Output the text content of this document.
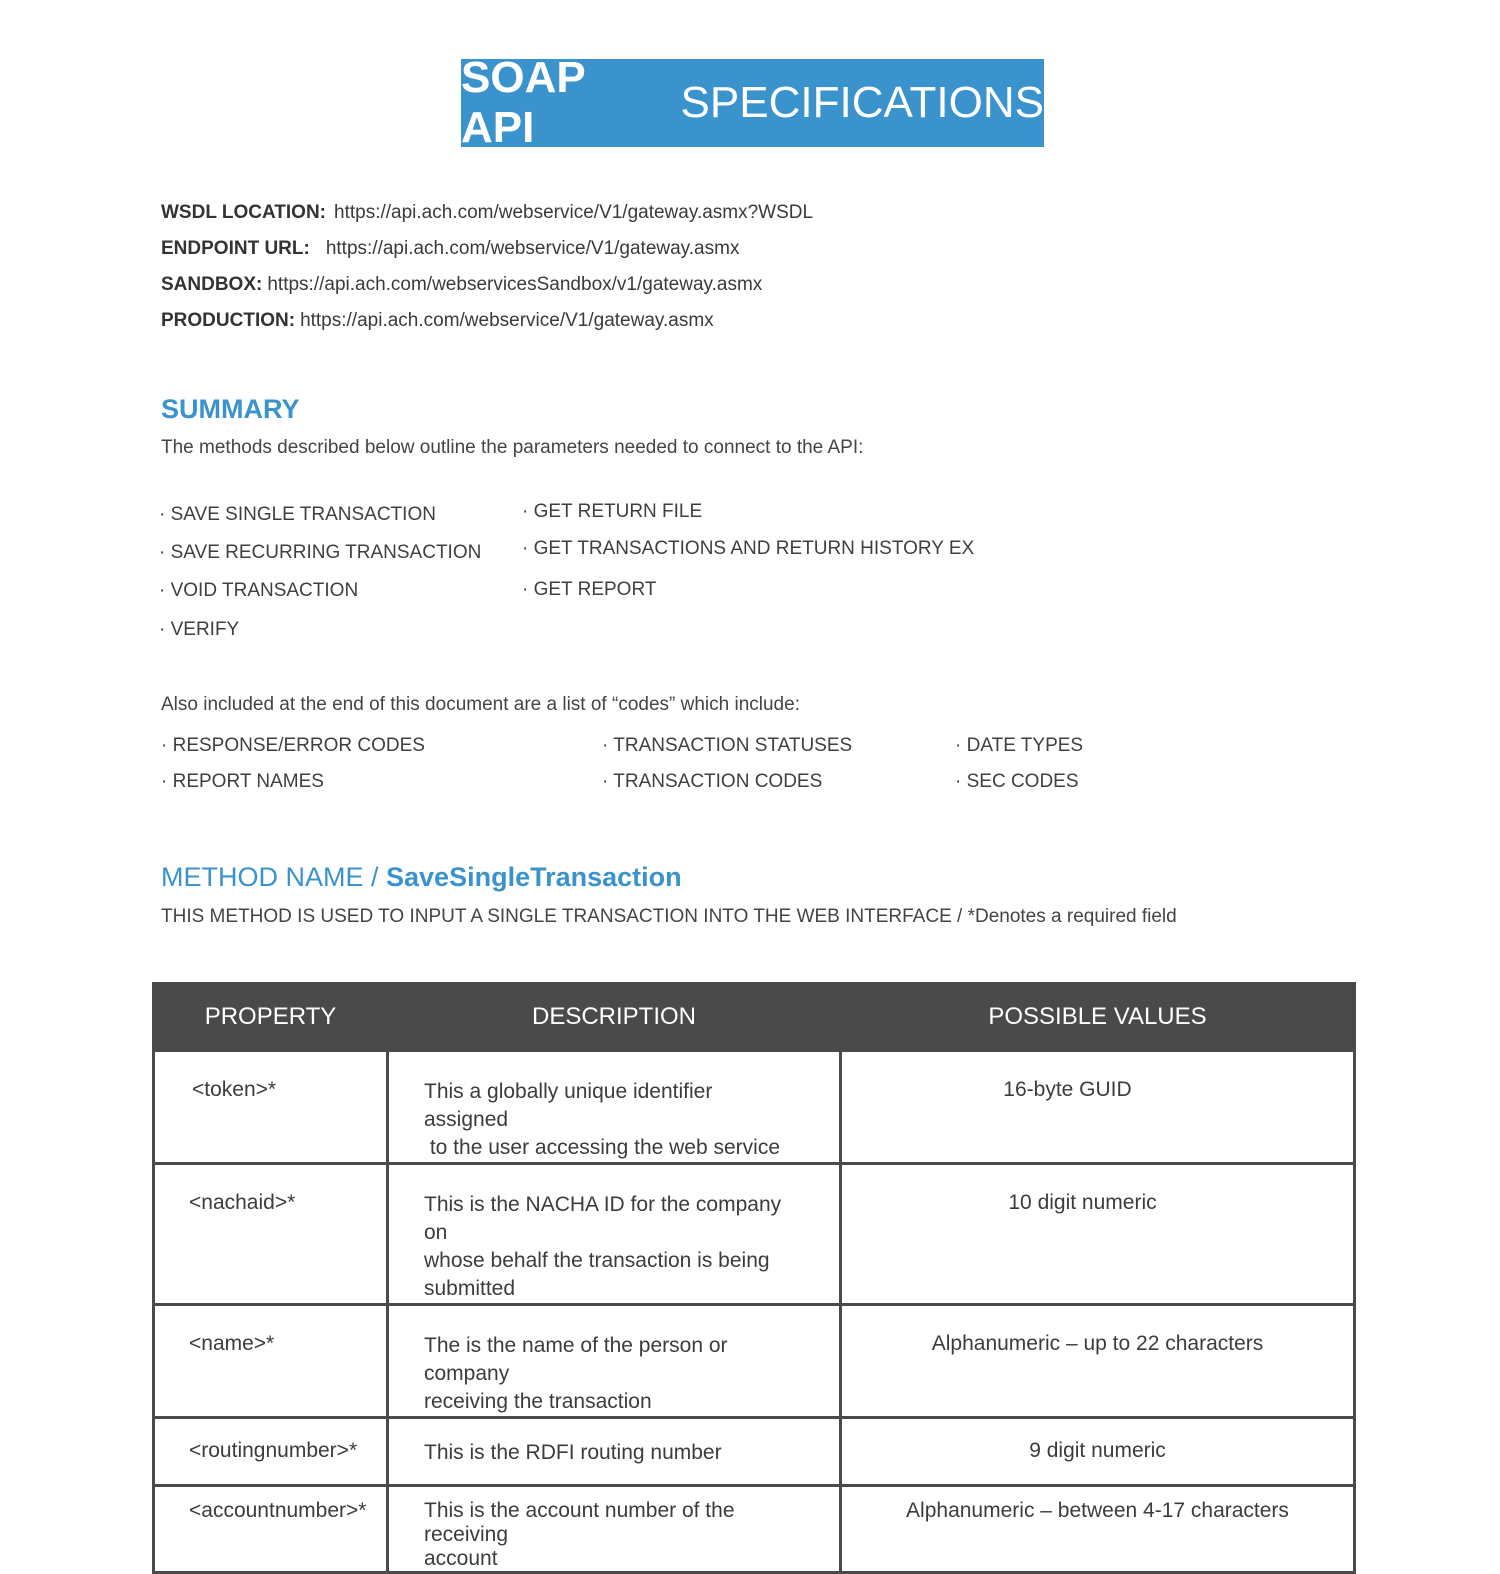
SOAP API
SPECIFICATIONS
WSDL LOCATION: https://api.ach.com/webservice/V1/gateway.asmx?WSDL
ENDPOINT URL: https://api.ach.com/webservice/V1/gateway.asmx
SANDBOX: https://api.ach.com/webservicesSandbox/v1/gateway.asmx
PRODUCTION: https://api.ach.com/webservice/V1/gateway.asmx
SUMMARY
The methods described below outline the parameters needed to connect to the API:
· SAVE SINGLE TRANSACTION
· SAVE RECURRING TRANSACTION
· VOID TRANSACTION
· VERIFY
· GET RETURN FILE
· GET TRANSACTIONS AND RETURN HISTORY EX
· GET REPORT
Also included at the end of this document are a list of “codes” which include:
· RESPONSE/ERROR CODES
· REPORT NAMES
· TRANSACTION STATUSES
· TRANSACTION CODES
· DATE TYPES
· SEC CODES
METHOD NAME / SaveSingleTransaction
THIS METHOD IS USED TO INPUT A SINGLE TRANSACTION INTO THE WEB INTERFACE / *Denotes a required field
PROPERTY	DESCRIPTION	POSSIBLE VALUES
<token>*	This a globally unique identifier assigned
to the user accessing the web service	16-byte GUID
<nachaid>*	This is the NACHA ID for the company on
whose behalf the transaction is being
submitted	10 digit numeric
<name>*	The is the name of the person or company
receiving the transaction	Alphanumeric – up to 22 characters
<routingnumber>*	This is the RDFI routing number	9 digit numeric
<accountnumber>*	This is the account number of the receiving
account	Alphanumeric – between 4-17 characters
